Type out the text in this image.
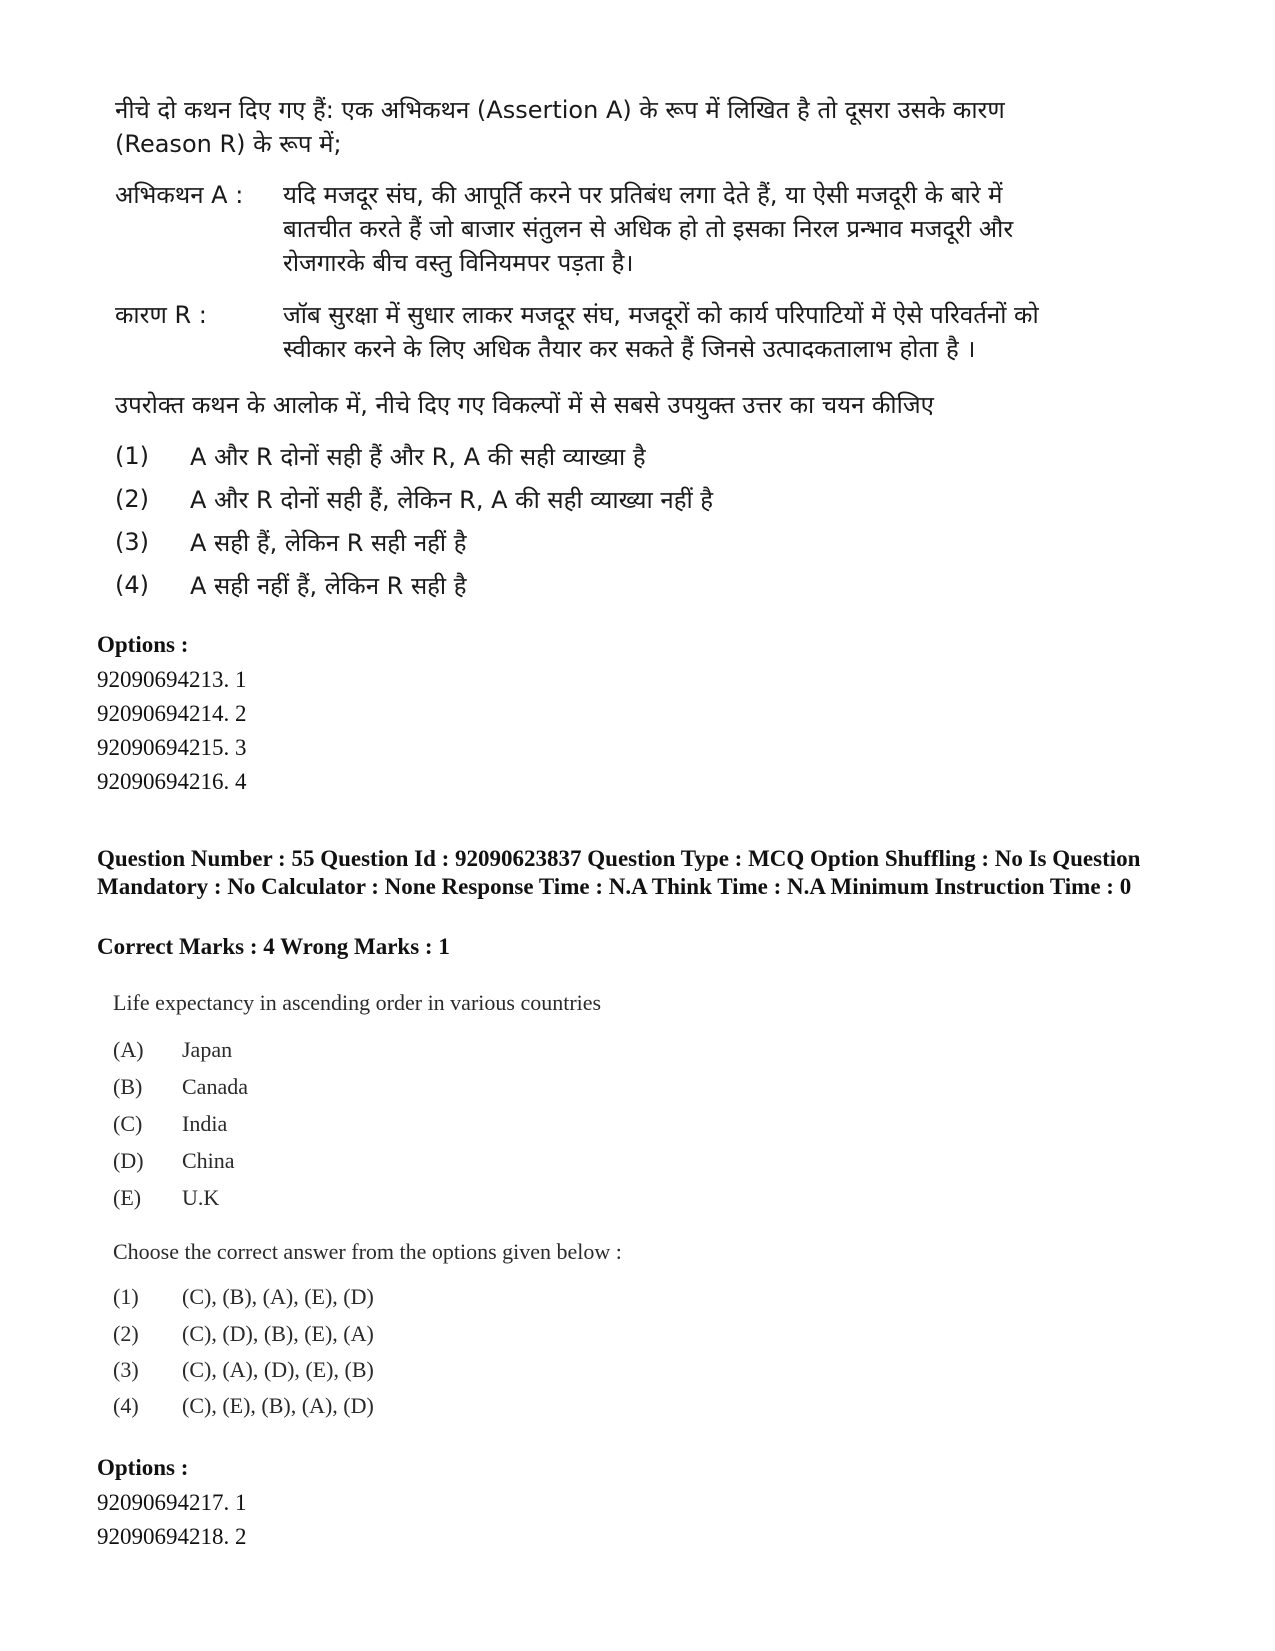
नीचे दो कथन दिए गए हैं: एक अभिकथन (Assertion A) के रूप में लिखित है तो दूसरा उसके कारण
(Reason R) के रूप में;
अभिकथन A : यदि मजदूर संघ, की आपूर्ति करने पर प्रतिबंध लगा देते हैं, या ऐसी मजदूरी के बारे में
बातचीत करते हैं जो बाजार संतुलन से अधिक हो तो इसका निरल प्रन्भाव मजदूरी और
रोजगारके बीच वस्तु विनियमपर पड़ता है।
कारण R :	जॉब सुरक्षा में सुधार लाकर मजदूर संघ, मजदूरों को कार्य परिपाटियों में ऐसे परिवर्तनों को
स्वीकार करने के लिए अधिक तैयार कर सकते हैं जिनसे उत्पादकतालाभ होता है ।
उपरोक्त कथन के आलोक में, नीचे दिए गए विकल्पों में से सबसे उपयुक्त उत्तर का चयन कीजिए
(1) A और R दोनों सही हैं और R, A की सही व्याख्या है
(2) A और R दोनों सही हैं, लेकिन R, A की सही व्याख्या नहीं है
(3) A सही हैं, लेकिन R सही नहीं है
(4) A सही नहीं हैं, लेकिन R सही है
Options :
92090694213. 1
92090694214. 2
92090694215. 3
92090694216. 4
Question Number : 55 Question Id : 92090623837 Question Type : MCQ Option Shuffling : No Is Question Mandatory : No Calculator : None Response Time : N.A Think Time : N.A Minimum Instruction Time : 0
Correct Marks : 4 Wrong Marks : 1
Life expectancy in ascending order in various countries
(A) Japan
(B) Canada
(C) India
(D) China
(E) U.K
Choose the correct answer from the options given below :
(1) (C), (B), (A), (E), (D)
(2) (C), (D), (B), (E), (A)
(3) (C), (A), (D), (E), (B)
(4) (C), (E), (B), (A), (D)
Options :
92090694217. 1
92090694218. 2
